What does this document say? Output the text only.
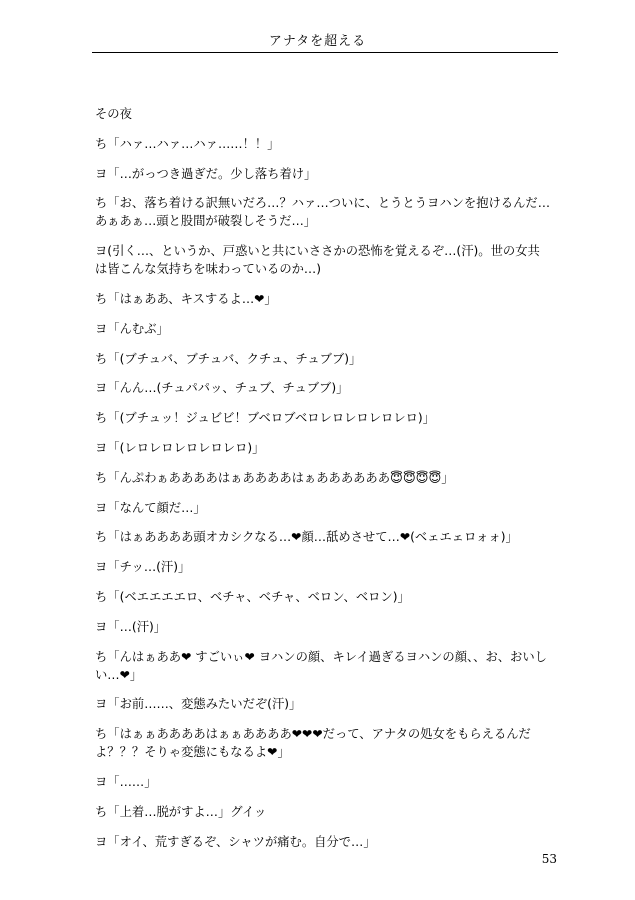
アナタを超える

その夜

ち「ハァ…ハァ…ハァ……！！」

ヨ「…がっつき過ぎだ。少し落ち着け」

ち「お、落ち着ける訳無いだろ…？ハァ…ついに、とうとうヨハンを抱けるんだ…あぁあぁ…頭と股間が破裂しそうだ…」

ヨ(引く…、というか、戸惑いと共にいささかの恐怖を覚えるぞ…(汗)。世の女共は皆こんな気持ちを味わっているのか…)

ち「はぁああ、キスするよ…❤」

ヨ「んむぶ」

ち「(ブチュバ、ブチュバ、クチュ、チュブブ)」

ヨ「んん…(チュパパッ、チュブ、チュブブ)」

ち「(ブチュッ！ジュビビ！ブベロブベロレロレロレロレロ)」

ヨ「(レロレロレロレロレロ)」

ち「んぷわぁああああはぁああああはぁああああああ😇😇😇😇」

ヨ「なんて顔だ…」

ち「はぁああああ頭オカシクなる…❤顔…舐めさせて…❤(ベェエェロォォ)」

ヨ「チッ…(汗)」

ち「(ベエエエエロ、ベチャ、ベチャ、ベロン、ベロン)」

ヨ「…(汗)」

ち「んはぁああ❤ すごいぃ❤ ヨハンの顔、キレイ過ぎるヨハンの顔、、お、おいしい…❤」

ヨ「お前……、変態みたいだぞ(汗)」

ち「はぁぁああああはぁぁああああ❤❤❤だって、アナタの処女をもらえるんだよ？？？そりゃ変態にもなるよ❤」

ヨ「……」

ち「上着…脱がすよ…」グイッ

ヨ「オイ、荒すぎるぞ、シャツが痛む。自分で…」

53
